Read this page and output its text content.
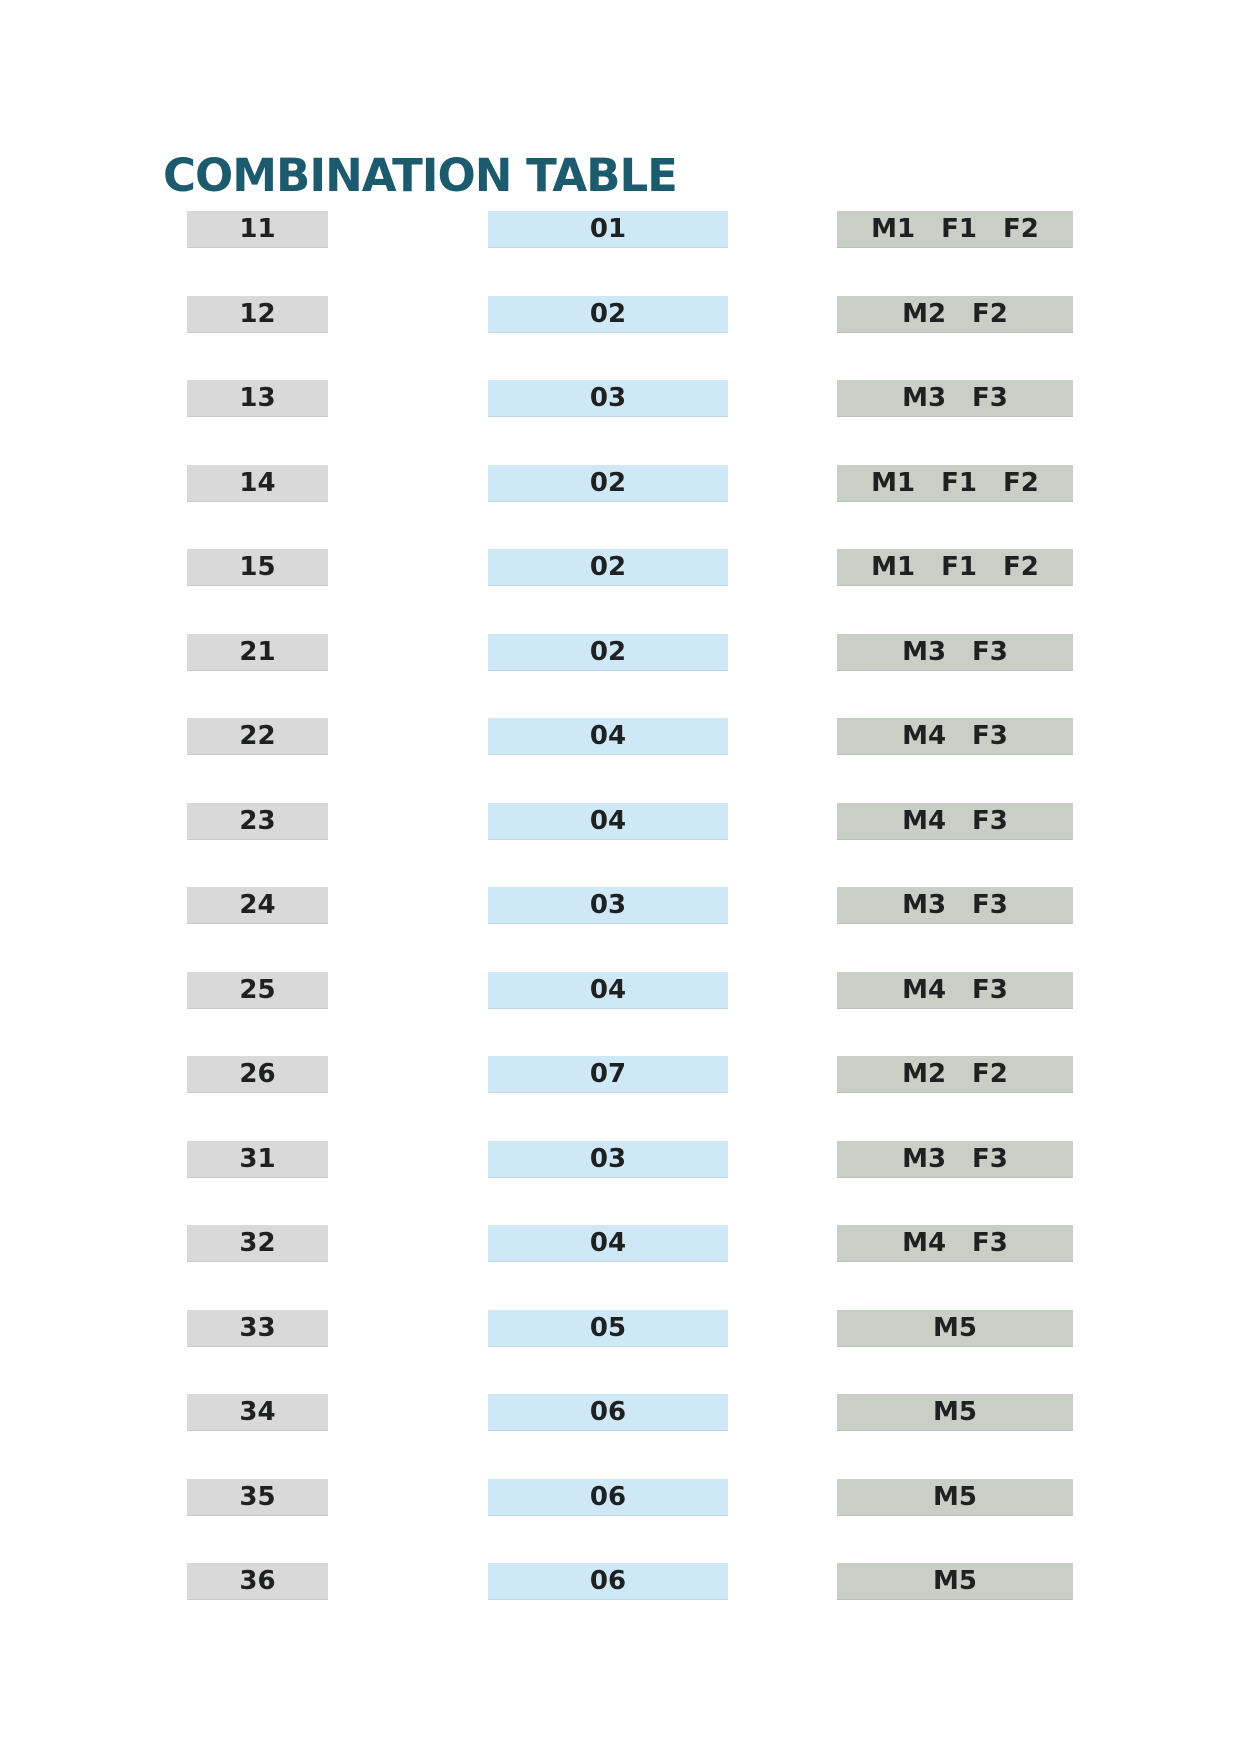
COMBINATION TABLE
11	01	M1 F1 F2
12	02	M2 F2
13	03	M3 F3
14	02	M1 F1 F2
15	02	M1 F1 F2
21	02	M3 F3
22	04	M4 F3
23	04	M4 F3
24	03	M3 F3
25	04	M4 F3
26	07	M2 F2
31	03	M3 F3
32	04	M4 F3
33	05	M5
34	06	M5
35	06	M5
36	06	M5
